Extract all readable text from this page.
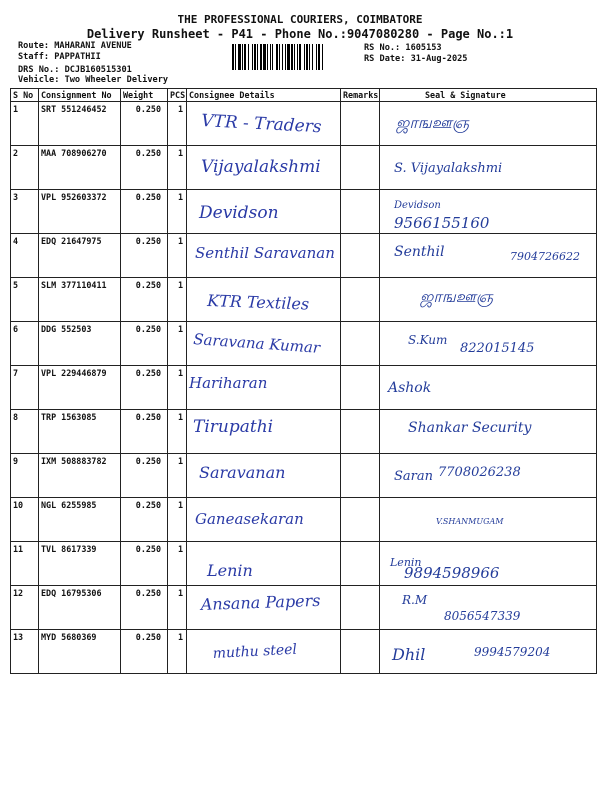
THE PROFESSIONAL COURIERS, COIMBATORE
Delivery Runsheet - P41 - Phone No.:9047080280 - Page No.:1
Route: MAHARANI AVENUE
Staff: PAPPATHII
DRS No.: DCJB160515301
Vehicle: Two Wheeler Delivery
RS No.: 1605153
RS Date: 31-Aug-2025
S No	Consignment No	Weight	PCS	Consignee Details	Remarks	Seal & Signature
1	SRT 551246452	0.250	1	VTR - Traders		ஜாஙஊஞ

2	MAA 708906270	0.250	1	Vijayalakshmi		S. Vijayalakshmi

3	VPL 952603372	0.250	1	Devidson		Devidson
9566155160

4	EDQ 21647975	0.250	1	Senthil Saravanan		Senthil 7904726622

5	SLM 377110411	0.250	1	KTR Textiles		ஜாஙஊஞ

6	DDG 552503	0.250	1	Saravana Kumar		S.Kum
822015145

7	VPL 229446879	0.250	1	Hariharan		Ashok

8	TRP 1563085	0.250	1	Tirupathi		Shankar Security

9	IXM 508883782	0.250	1	Saravanan		Saran 7708026238

10	NGL 6255985	0.250	1	Ganeasekaran		V.SHANMUGAM

11	TVL 8617339	0.250	1	Lenin		Lenin
9894598966

12	EDQ 16795306	0.250	1	Ansana Papers		R.M
8056547339

13	MYD 5680369	0.250	1	muthu steel		Dhil 9994579204
